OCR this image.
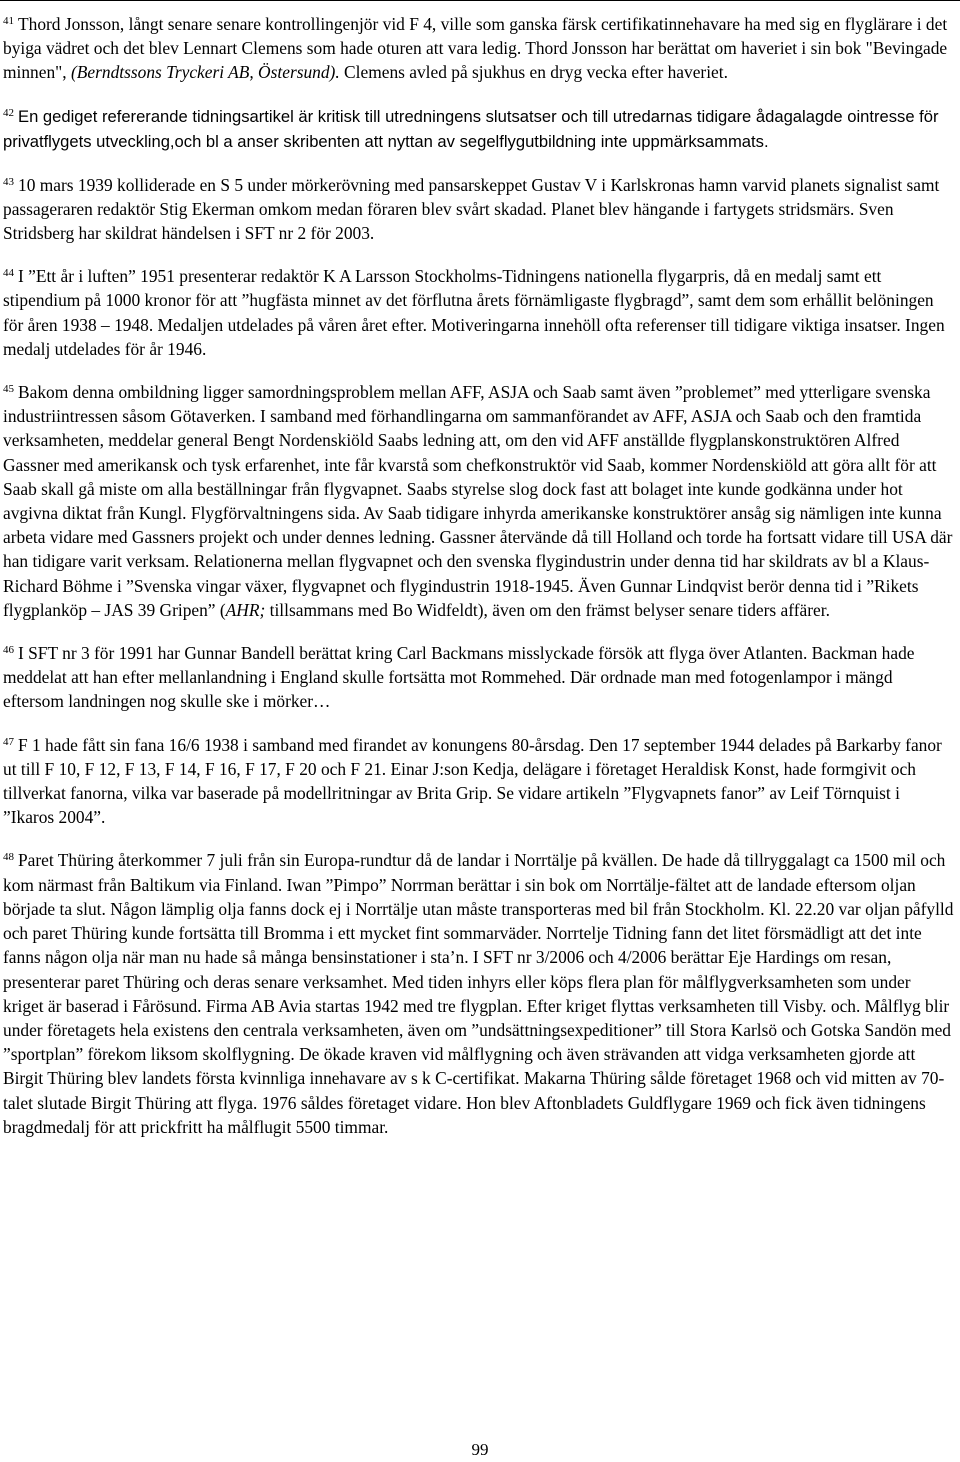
$^{41}$ Thord Jonsson, långt senare senare kontrollingenjör vid F 4, ville som ganska färsk certifikatinnehavare ha med sig en flyglärare i det byiga vädret och det blev Lennart Clemens som hade oturen att vara ledig. Thord Jonsson har berättat om haveriet i sin bok "Bevingade minnen", (Berndtssons Tryckeri AB, Östersund). Clemens avled på sjukhus en dryg vecka efter haveriet.

$^{42}$ En gediget refererande tidningsartikel är kritisk till utredningens slutsatser och till utredarnas tidigare ådagalagde ointresse för privatflygets utveckling,och bl a anser skribenten att nyttan av segelflygutbildning inte uppmärksammats.

$^{43}$ 10 mars 1939 kolliderade en S 5 under mörkerövning med pansarskeppet Gustav V i Karlskronas hamn varvid planets signalist samt passageraren redaktör Stig Ekerman omkom medan föraren blev svårt skadad. Planet blev hängande i fartygets stridsmärs. Sven Stridsberg har skildrat händelsen i SFT nr 2 för 2003.

$^{44}$ I ”Ett år i luften” 1951 presenterar redaktör K A Larsson Stockholms-Tidningens nationella flygarpris, då en medalj samt ett stipendium på 1000 kronor för att ”hugfästa minnet av det förflutna årets förnämligaste flygbragd”, samt dem som erhållit belöningen för åren 1938 – 1948. Medaljen utdelades på våren året efter. Motiveringarna innehöll ofta referenser till tidigare viktiga insatser. Ingen medalj utdelades för år 1946.

$^{45}$ Bakom denna ombildning ligger samordningsproblem mellan AFF, ASJA och Saab samt även ”problemet” med ytterligare svenska industriintressen såsom Götaverken. I samband med förhandlingarna om sammanförandet av AFF, ASJA och Saab och den framtida verksamheten, meddelar general Bengt Nordenskiöld Saabs ledning att, om den vid AFF anställde flygplanskonstruktören Alfred Gassner med amerikansk och tysk erfarenhet, inte får kvarstå som chefkonstruktör vid Saab, kommer Nordenskiöld att göra allt för att Saab skall gå miste om alla beställningar från flygvapnet. Saabs styrelse slog dock fast att bolaget inte kunde godkänna under hot avgivna diktat från Kungl. Flygförvaltningens sida. Av Saab tidigare inhyrda amerikanske konstruktörer ansåg sig nämligen inte kunna arbeta vidare med Gassners projekt och under dennes ledning. Gassner återvände då till Holland och torde ha fortsatt vidare till USA där han tidigare varit verksam. Relationerna mellan flygvapnet och den svenska flygindustrin under denna tid har skildrats av bl a Klaus-Richard Böhme i ”Svenska vingar växer, flygvapnet och flygindustrin 1918-1945. Även Gunnar Lindqvist berör denna tid i ”Rikets flygplanköp – JAS 39 Gripen” (AHR; tillsammans med Bo Widfeldt), även om den främst belyser senare tiders affärer.

$^{46}$ I SFT nr 3 för 1991 har Gunnar Bandell berättat kring Carl Backmans misslyckade försök att flyga över Atlanten. Backman hade meddelat att han efter mellanlandning i England skulle fortsätta mot Rommehed. Där ordnade man med fotogenlampor i mängd eftersom landningen nog skulle ske i mörker…

$^{47}$ F 1 hade fått sin fana 16/6 1938 i samband med firandet av konungens 80-årsdag. Den 17 september 1944 delades på Barkarby fanor ut till F 10, F 12, F 13, F 14, F 16, F 17, F 20 och F 21. Einar J:son Kedja, delägare i företaget Heraldisk Konst, hade formgivit och tillverkat fanorna, vilka var baserade på modellritningar av Brita Grip. Se vidare artikeln ”Flygvapnets fanor” av Leif Törnquist i ”Ikaros 2004”.

$^{48}$ Paret Thüring återkommer 7 juli från sin Europa-rundtur då de landar i Norrtälje på kvällen. De hade då tillryggalagt ca 1500 mil och kom närmast från Baltikum via Finland. Iwan ”Pimpo” Norrman berättar i sin bok om Norrtälje-fältet att de landade eftersom oljan började ta slut. Någon lämplig olja fanns dock ej i Norrtälje utan måste transporteras med bil från Stockholm. Kl. 22.20 var oljan påfylld och paret Thüring kunde fortsätta till Bromma i ett mycket fint sommarväder. Norrtelje Tidning fann det litet försmädligt att det inte fanns någon olja när man nu hade så många bensinstationer i sta’n. I SFT nr 3/2006 och 4/2006 berättar Eje Hardings om resan, presenterar paret Thüring och deras senare verksamhet. Med tiden inhyrs eller köps flera plan för målflygverksamheten som under kriget är baserad i Fårösund. Firma AB Avia startas 1942 med tre flygplan. Efter kriget flyttas verksamheten till Visby. och. Målflyg blir under företagets hela existens den centrala verksamheten, även om ”undsättningsexpeditioner” till Stora Karlsö och Gotska Sandön med ”sportplan” förekom liksom skolflygning. De ökade kraven vid målflygning och även strävanden att vidga verksamheten gjorde att Birgit Thüring blev landets första kvinnliga innehavare av s k C-certifikat. Makarna Thüring sålde företaget 1968 och vid mitten av 70-talet slutade Birgit Thüring att flyga. 1976 såldes företaget vidare. Hon blev Aftonbladets Guldflygare 1969 och fick även tidningens bragdmedalj för att prickfritt ha målflugit 5500 timmar.

99
